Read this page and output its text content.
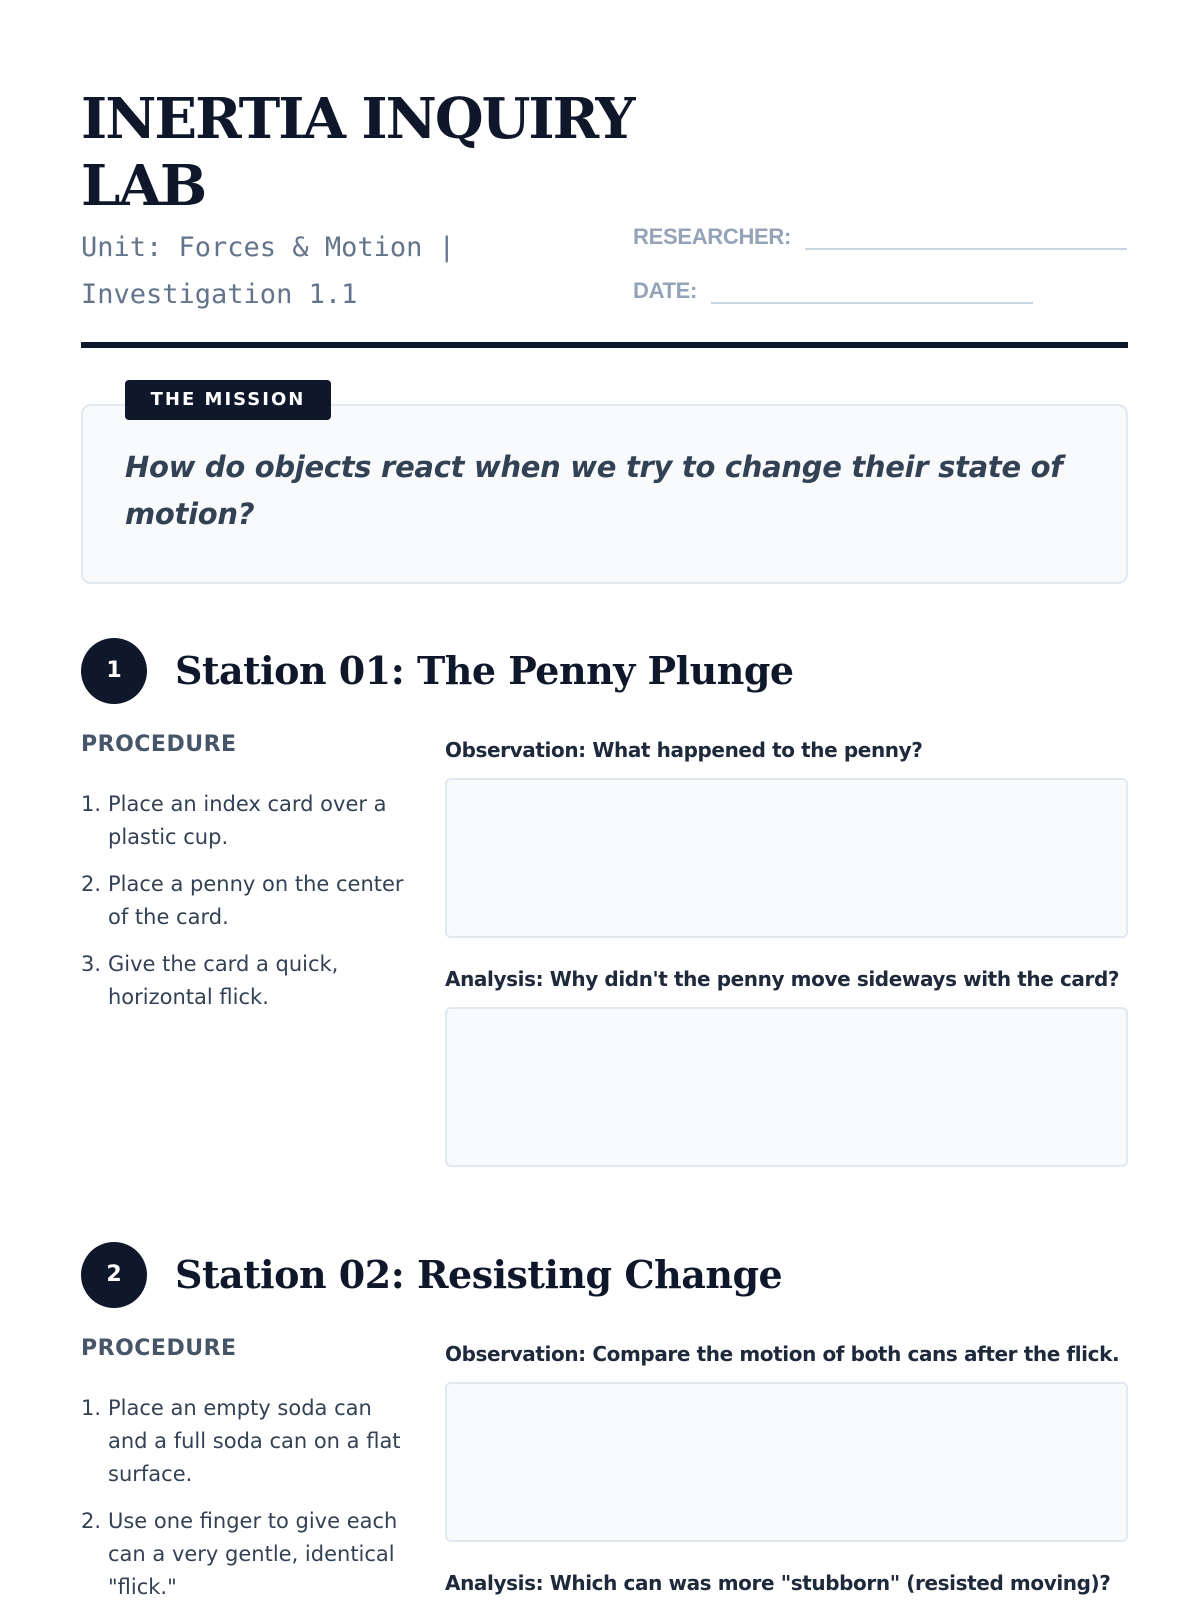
INERTIA INQUIRY LAB
Unit: Forces & Motion | Investigation 1.1
RESEARCHER:
DATE:
THE MISSION
How do objects react when we try to change their state of motion?
1	Station 01: The Penny Plunge
PROCEDURE
1. Place an index card over a plastic cup.
2. Place a penny on the center of the card.
3. Give the card a quick, horizontal flick.
Observation: What happened to the penny?
Analysis: Why didn't the penny move sideways with the card?
2	Station 02: Resisting Change
PROCEDURE
1. Place an empty soda can and a full soda can on a flat surface.
2. Use one finger to give each can a very gentle, identical "flick."
Observation: Compare the motion of both cans after the flick.
Analysis: Which can was more "stubborn" (resisted moving)?
